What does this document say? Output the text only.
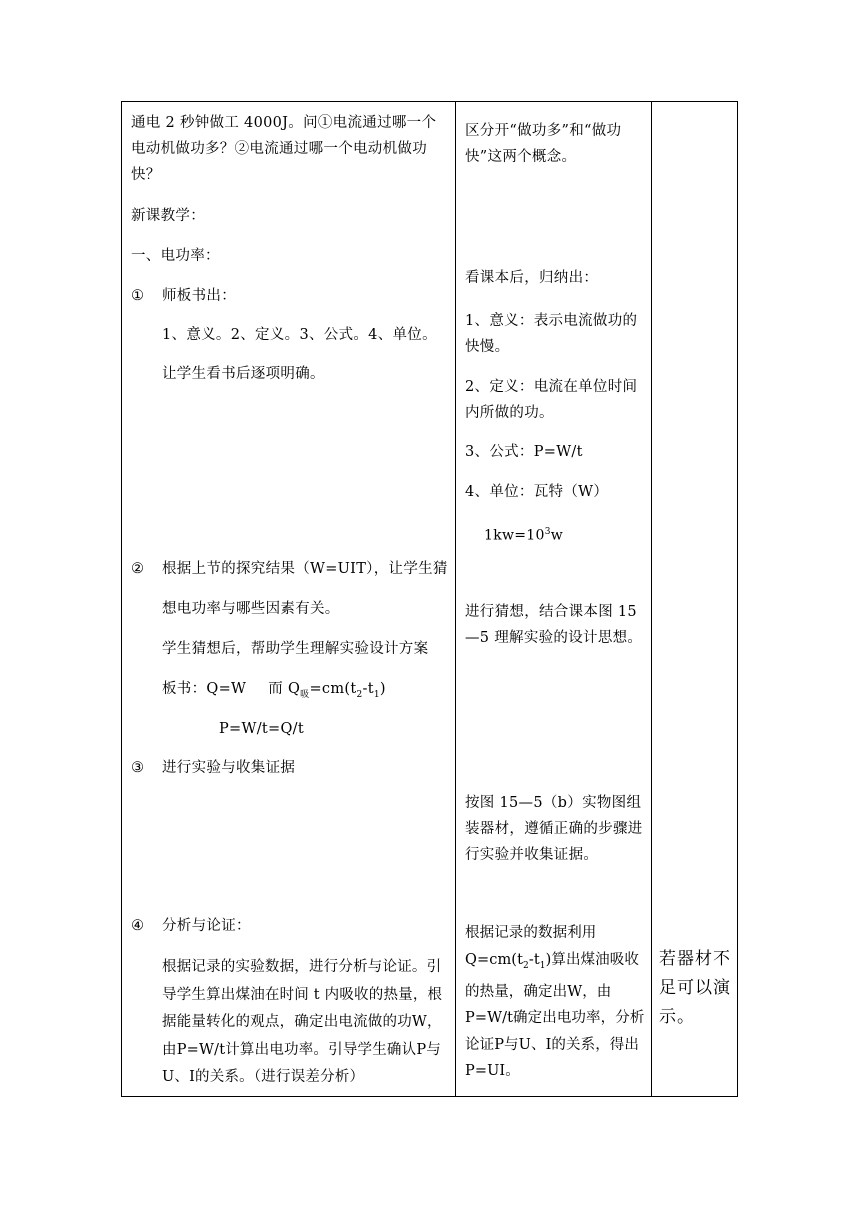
通电 2 秒钟做工 4000J。问①电流通过哪一个电动机做功多？②电流通过哪一个电动机做功快？
新课教学：
一、电功率：
① 师板书出：
1、意义。2、定义。3、公式。4、单位。
让学生看书后逐项明确。
② 根据上节的探究结果（W=UIT），让学生猜
想电功率与哪些因素有关。
学生猜想后，帮助学生理解实验设计方案
板书：Q=W 而 $Q_吸=cm(t_2-t_1)$
P=W/t=Q/t
③ 进行实验与收集证据
④ 分析与论证：
根据记录的实验数据，进行分析与论证。引导学生算出煤油在时间 t 内吸收的热量，根据能量转化的观点，确定出电流做的功W，由P=W/t计算出电功率。引导学生确认P与U、I的关系。（进行误差分析）
区分开“做功多”和“做功快”这两个概念。
看课本后，归纳出：
1、意义：表示电流做功的快慢。
2、定义：电流在单位时间内所做的功。
3、公式：P=W/t
4、单位：瓦特（W）
$1kw=10^3w$
进行猜想，结合课本图 15—5 理解实验的设计思想。
按图 15—5（b）实物图组装器材，遵循正确的步骤进行实验并收集证据。
根据记录的数据利用$Q=cm(t_2-t_1)$算出煤油吸收的热量，确定出W，由P=W/t确定出电功率，分析论证P与U、I的关系，得出P=UI。
若器材不足可以演示。
